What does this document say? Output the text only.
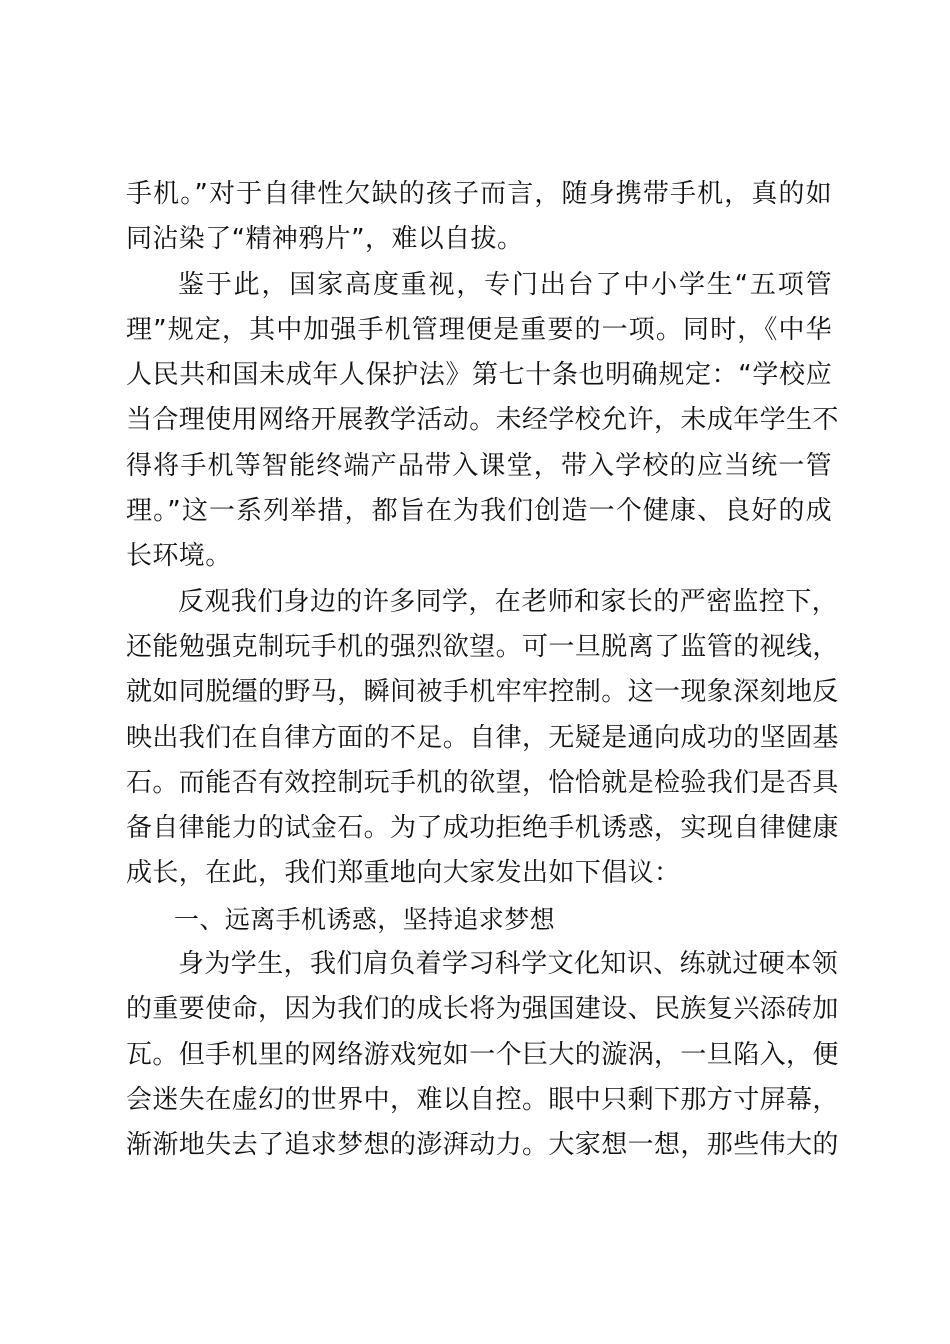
手机。”对于自律性欠缺的孩子而言，随身携带手机，真的如
同沾染了“精神鸦片”，难以自拔。
鉴于此，国家高度重视，专门出台了中小学生“五项管
理”规定，其中加强手机管理便是重要的一项。同时，《中华
人民共和国未成年人保护法》第七十条也明确规定：“学校应
当合理使用网络开展教学活动。未经学校允许，未成年学生不
得将手机等智能终端产品带入课堂，带入学校的应当统一管
理。”这一系列举措，都旨在为我们创造一个健康、良好的成
长环境。
反观我们身边的许多同学，在老师和家长的严密监控下，
还能勉强克制玩手机的强烈欲望。可一旦脱离了监管的视线，
就如同脱缰的野马，瞬间被手机牢牢控制。这一现象深刻地反
映出我们在自律方面的不足。自律，无疑是通向成功的坚固基
石。而能否有效控制玩手机的欲望，恰恰就是检验我们是否具
备自律能力的试金石。为了成功拒绝手机诱惑，实现自律健康
成长，在此，我们郑重地向大家发出如下倡议：
一、远离手机诱惑，坚持追求梦想
身为学生，我们肩负着学习科学文化知识、练就过硬本领
的重要使命，因为我们的成长将为强国建设、民族复兴添砖加
瓦。但手机里的网络游戏宛如一个巨大的漩涡，一旦陷入，便
会迷失在虚幻的世界中，难以自控。眼中只剩下那方寸屏幕，
渐渐地失去了追求梦想的澎湃动力。大家想一想，那些伟大的
